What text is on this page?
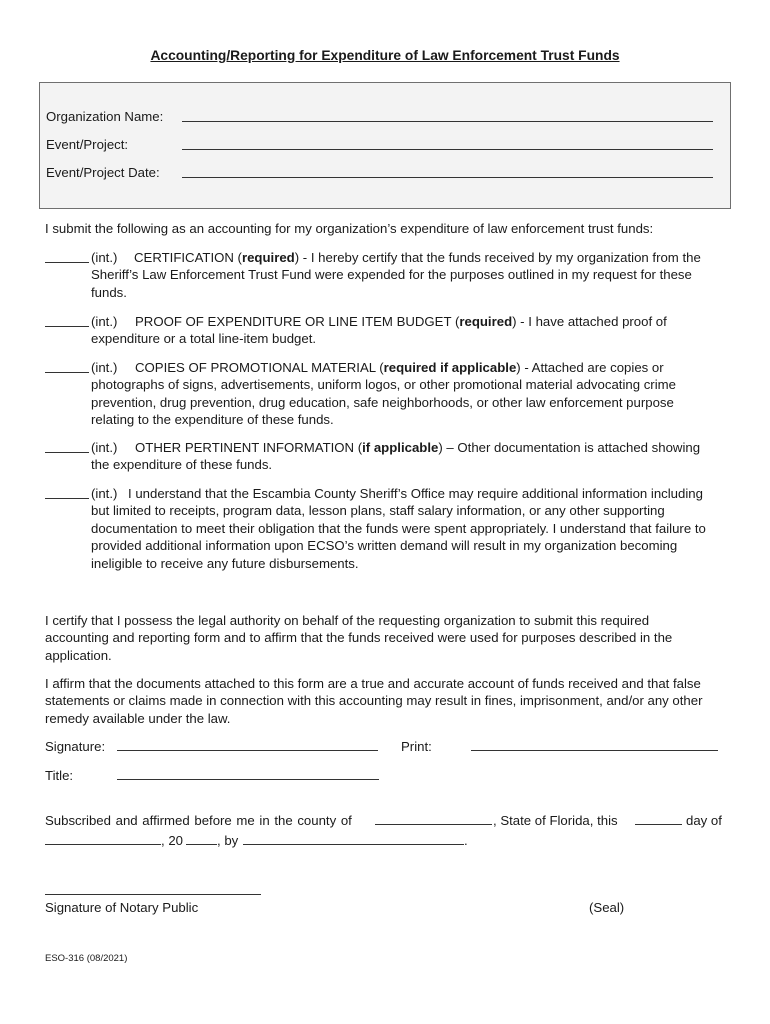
Accounting/Reporting for Expenditure of Law Enforcement Trust Funds
Organization Name:
Event/Project:
Event/Project Date:
I submit the following as an accounting for my organization’s expenditure of law enforcement trust funds:
(int.) CERTIFICATION (required) - I hereby certify that the funds received by my organization from the Sheriff’s Law Enforcement Trust Fund were expended for the purposes outlined in my request for these funds.
(int.) PROOF OF EXPENDITURE OR LINE ITEM BUDGET (required) - I have attached proof of expenditure or a total line-item budget.
(int.) COPIES OF PROMOTIONAL MATERIAL (required if applicable) - Attached are copies or photographs of signs, advertisements, uniform logos, or other promotional material advocating crime prevention, drug prevention, drug education, safe neighborhoods, or other law enforcement purpose relating to the expenditure of these funds.
(int.) OTHER PERTINENT INFORMATION (if applicable) – Other documentation is attached showing the expenditure of these funds.
(int.) I understand that the Escambia County Sheriff’s Office may require additional information including but limited to receipts, program data, lesson plans, staff salary information, or any other supporting documentation to meet their obligation that the funds were spent appropriately. I understand that failure to provided additional information upon ECSO’s written demand will result in my organization becoming ineligible to receive any future disbursements.
I certify that I possess the legal authority on behalf of the requesting organization to submit this required accounting and reporting form and to affirm that the funds received were used for purposes described in the application.
I affirm that the documents attached to this form are a true and accurate account of funds received and that false statements or claims made in connection with this accounting may result in fines, imprisonment, and/or any other remedy available under the law.
Signature:	Print:
Title:
Subscribed and affirmed before me in the county of	, State of Florida, this	day of
, 20	, by	.
Signature of Notary Public	(Seal)
ESO-316 (08/2021)
